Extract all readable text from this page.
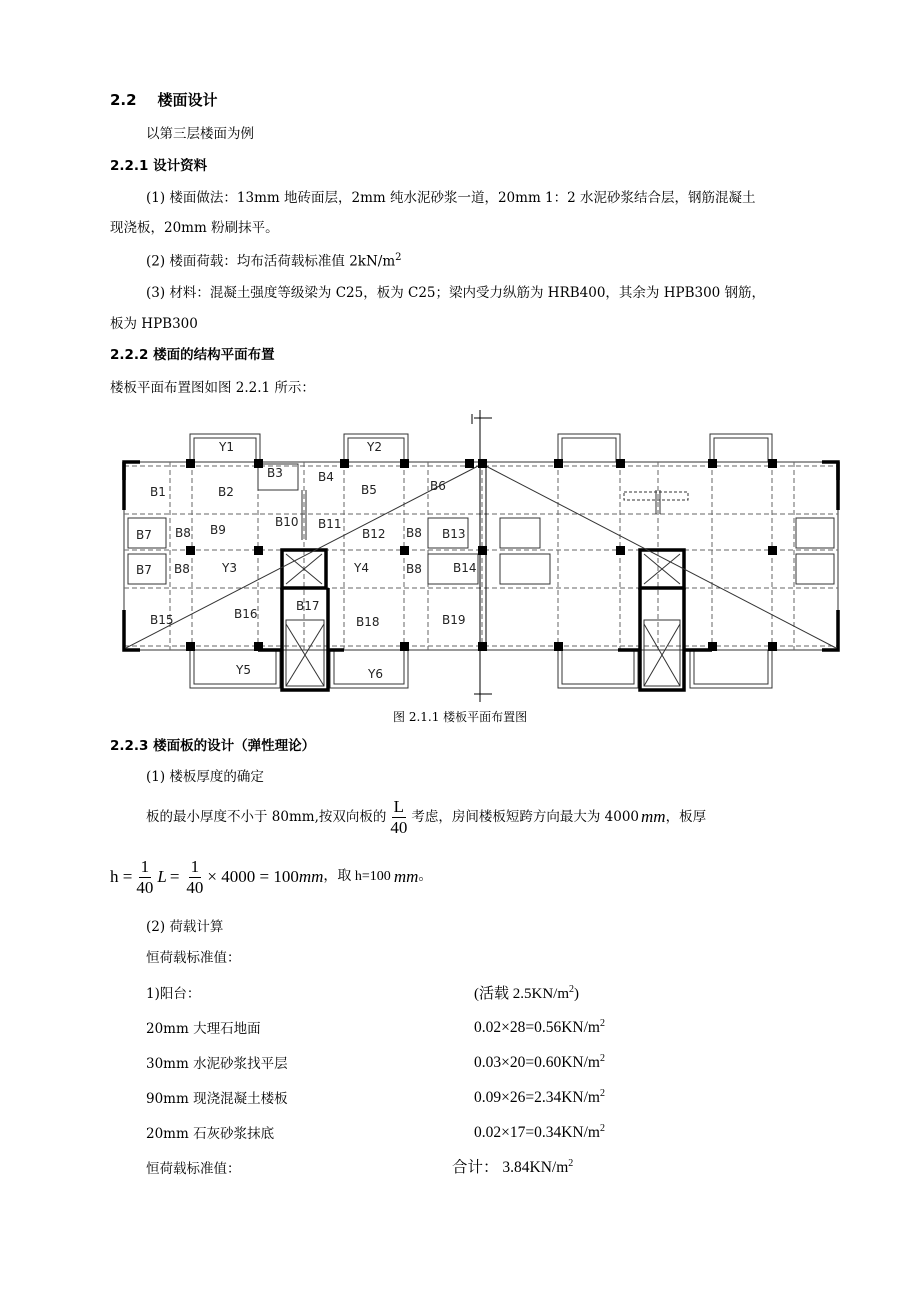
2.2 楼面设计
以第三层楼面为例
2.2.1 设计资料
(1) 楼面做法：13mm 地砖面层，2mm 纯水泥砂浆一道，20mm 1：2 水泥砂浆结合层，钢筋混凝土
现浇板，20mm 粉刷抹平。
(2) 楼面荷载：均布活荷载标准值 $2kN/m^2$
(3) 材料：混凝土强度等级梁为 C25，板为 C25；梁内受力纵筋为 HRB400，其余为 HPB300 钢筋，
板为 HPB300
2.2.2 楼面的结构平面布置
楼板平面布置图如图 2.2.1 所示：
Y1	Y2
B1	B2
B3	B4
B5	B6
B7
B7
B8
B8
B8
B8
B9
B10 B11
B12	B13
B14
Y3	Y4
B15	B16
B17
B18	B19
Y5	Y6
图 2.1.1 楼板平面布置图
2.2.3 楼面板的设计（弹性理论）
(1) 楼板厚度的确定
板的最小厚度不小于 80mm,按双向板的 $\frac{L}{40}$ 考虑，房间楼板短跨方向最大为 4000 mm ，板厚
$h = \frac{1}{40}$ $L = \frac{1}{40} \times 4000 = 100$ mm ，取 h=100 mm 。
(2) 荷载计算
恒荷载标准值：
1)阳台：	(活载 $2.5KN/m^2$)
20mm 大理石地面	$0.02\times 28=0.56KN/m^2$
30mm 水泥砂浆找平层	$0.03\times 20=0.60KN/m^2$
90mm 现浇混凝土楼板	$0.09\times 26=2.34KN/m^2$
20mm 石灰砂浆抹底	$0.02\times 17=0.34KN/m^2$
恒荷载标准值：	合计： $3.84KN/m^2$
